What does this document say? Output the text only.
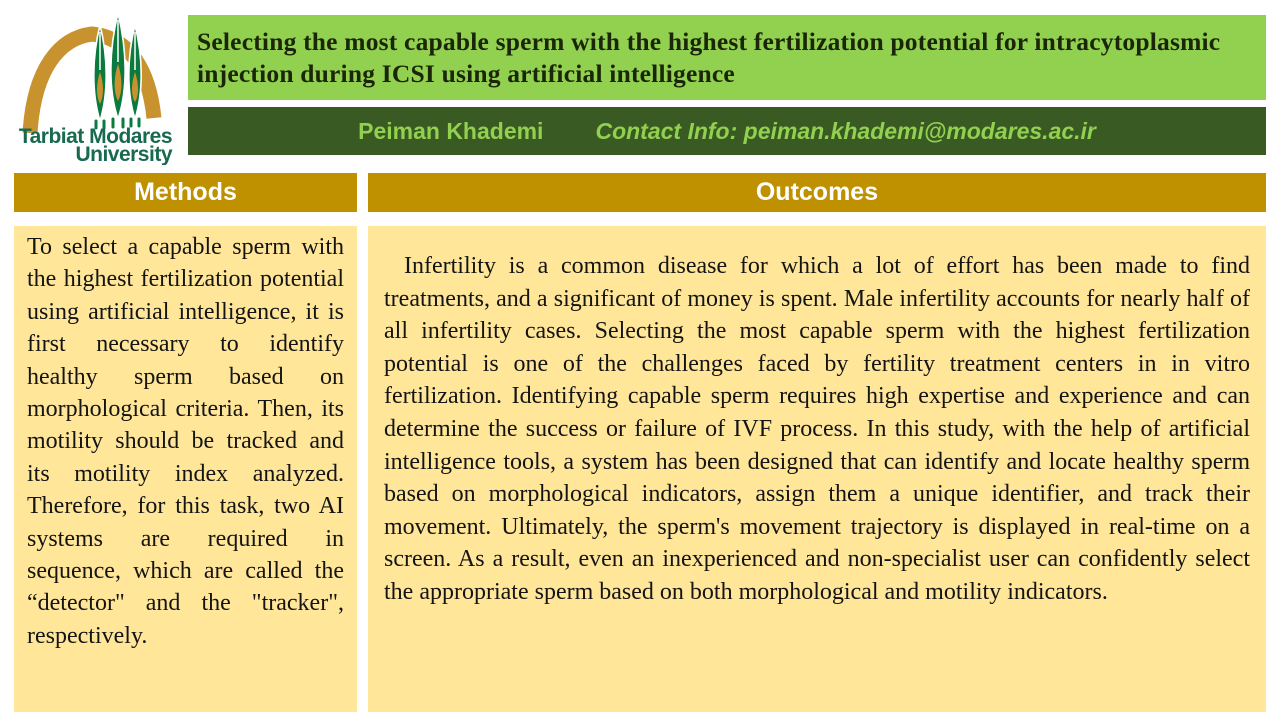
Tarbiat Modares
University
Selecting the most capable sperm with the highest fertilization potential for intracytoplasmic injection during ICSI using artificial intelligence
Peiman Khademi Contact Info: peiman.khademi@modares.ac.ir
Methods

To select a capable sperm with the highest fertilization potential using artificial intelligence, it is first necessary to identify healthy sperm based on morphological criteria. Then, its motility should be tracked and its motility index analyzed. Therefore, for this task, two AI systems are required in sequence, which are called the “detector" and the "tracker", respectively.

Outcomes

Infertility is a common disease for which a lot of effort has been made to find treatments, and a significant of money is spent. Male infertility accounts for nearly half of all infertility cases. Selecting the most capable sperm with the highest fertilization potential is one of the challenges faced by fertility treatment centers in in vitro fertilization. Identifying capable sperm requires high expertise and experience and can determine the success or failure of IVF process. In this study, with the help of artificial intelligence tools, a system has been designed that can identify and locate healthy sperm based on morphological indicators, assign them a unique identifier, and track their movement. Ultimately, the sperm's movement trajectory is displayed in real-time on a screen. As a result, even an inexperienced and non-specialist user can confidently select the appropriate sperm based on both morphological and motility indicators.
